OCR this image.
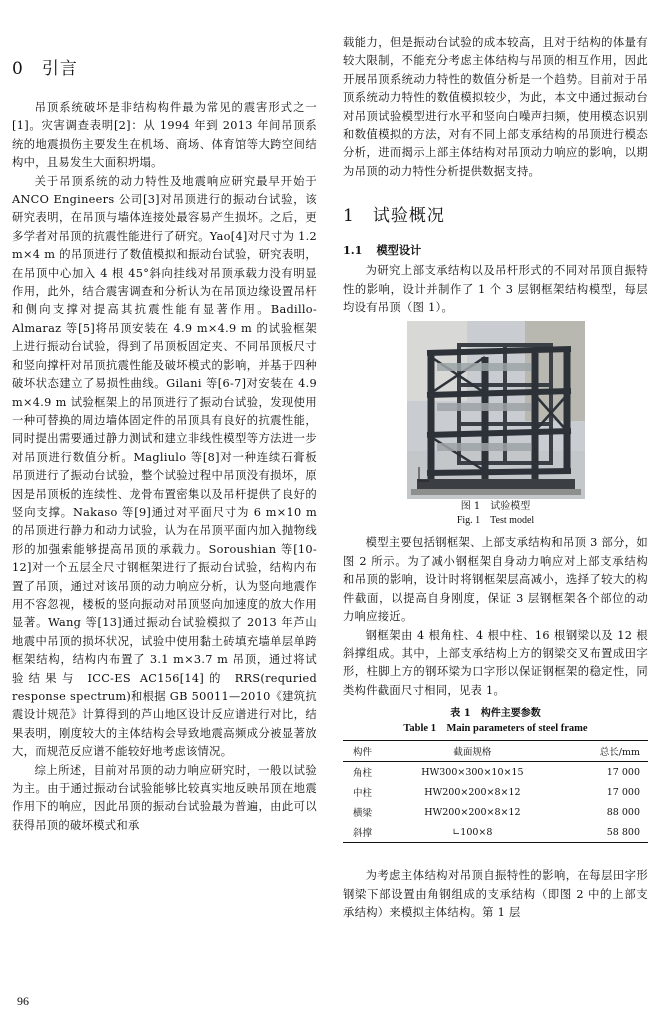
0 引言

吊顶系统破坏是非结构构件最为常见的震害形式之一[1]。灾害调查表明[2]：从 1994 年到 2013 年间吊顶系统的地震损伤主要发生在机场、商场、体育馆等大跨空间结构中，且易发生大面积坍塌。

关于吊顶系统的动力特性及地震响应研究最早开始于 ANCO Engineers 公司[3]对吊顶进行的振动台试验，该研究表明，在吊顶与墙体连接处最容易产生损坏。之后，更多学者对吊顶的抗震性能进行了研究。Yao[4]对尺寸为 1.2 m×4 m 的吊顶进行了数值模拟和振动台试验，研究表明，在吊顶中心加入 4 根 45°斜向挂线对吊顶承载力没有明显作用，此外，结合震害调查和分析认为在吊顶边缘设置吊杆和侧向支撑对提高其抗震性能有显著作用。Badillo-Almaraz 等[5]将吊顶安装在 4.9 m×4.9 m 的试验框架上进行振动台试验，得到了吊顶板固定夹、不同吊顶板尺寸和竖向撑杆对吊顶抗震性能及破坏模式的影响，并基于四种破坏状态建立了易损性曲线。Gilani 等[6-7]对安装在 4.9 m×4.9 m 试验框架上的吊顶进行了振动台试验，发现使用一种可替换的周边墙体固定件的吊顶具有良好的抗震性能，同时提出需要通过静力测试和建立非线性模型等方法进一步对吊顶进行数值分析。Magliulo 等[8]对一种连续石膏板吊顶进行了振动台试验，整个试验过程中吊顶没有损坏，原因是吊顶板的连续性、龙骨布置密集以及吊杆提供了良好的竖向支撑。Nakaso 等[9]通过对平面尺寸为 6 m×10 m 的吊顶进行静力和动力试验，认为在吊顶平面内加入抛物线形的加强索能够提高吊顶的承载力。Soroushian 等[10-12]对一个五层全尺寸钢框架进行了振动台试验，结构内布置了吊顶，通过对该吊顶的动力响应分析，认为竖向地震作用不容忽视，楼板的竖向振动对吊顶竖向加速度的放大作用显著。Wang 等[13]通过振动台试验模拟了 2013 年芦山地震中吊顶的损坏状况，试验中使用黏土砖填充墙单层单跨框架结构，结构内布置了 3.1 m×3.7 m 吊顶，通过将试验结果与 ICC-ES AC156[14]的 RRS(requried response spectrum)和根据 GB 50011—2010《建筑抗震设计规范》计算得到的芦山地区设计反应谱进行对比，结果表明，刚度较大的主体结构会导致地震高频成分被显著放大，而规范反应谱不能较好地考虑该情况。

综上所述，目前对吊顶的动力响应研究时，一般以试验为主。由于通过振动台试验能够比较真实地反映吊顶在地震作用下的响应，因此吊顶的振动台试验最为普遍，由此可以获得吊顶的破坏模式和承

载能力，但是振动台试验的成本较高，且对于结构的体量有较大限制，不能充分考虑主体结构与吊顶的相互作用，因此开展吊顶系统动力特性的数值分析是一个趋势。目前对于吊顶系统动力特性的数值模拟较少，为此，本文中通过振动台对吊顶试验模型进行水平和竖向白噪声扫频，使用模态识别和数值模拟的方法，对有不同上部支承结构的吊顶进行模态分析，进而揭示上部主体结构对吊顶动力响应的影响，以期为吊顶的动力特性分析提供数据支持。

1 试验概况
1.1 模型设计

为研究上部支承结构以及吊杆形式的不同对吊顶自振特性的影响，设计并制作了 1 个 3 层钢框架结构模型，每层均设有吊顶（图 1）。

图 1　试验模型
Fig. 1　Test model

模型主要包括钢框架、上部支承结构和吊顶 3 部分，如图 2 所示。为了减小钢框架自身动力响应对上部支承结构和吊顶的影响，设计时将钢框架层高减小，选择了较大的构件截面，以提高自身刚度，保证 3 层钢框架各个部位的动力响应接近。

钢框架由 4 根角柱、4 根中柱、16 根钢梁以及 12 根斜撑组成。其中，上部支承结构上方的钢梁交叉布置成田字形，柱脚上方的钢环梁为口字形以保证钢框架的稳定性，同类构件截面尺寸相同，见表 1。

表 1　构件主要参数
Table 1　Main parameters of steel frame
构件	截面规格	总长/mm
角柱	HW300×300×10×15	17 000
中柱	HW200×200×8×12	17 000
横梁	HW200×200×8×12	88 000
斜撑	∟100×8	58 800

为考虑主体结构对吊顶自振特性的影响，在每层田字形钢梁下部设置由角钢组成的支承结构（即图 2 中的上部支承结构）来模拟主体结构。第 1 层

96
